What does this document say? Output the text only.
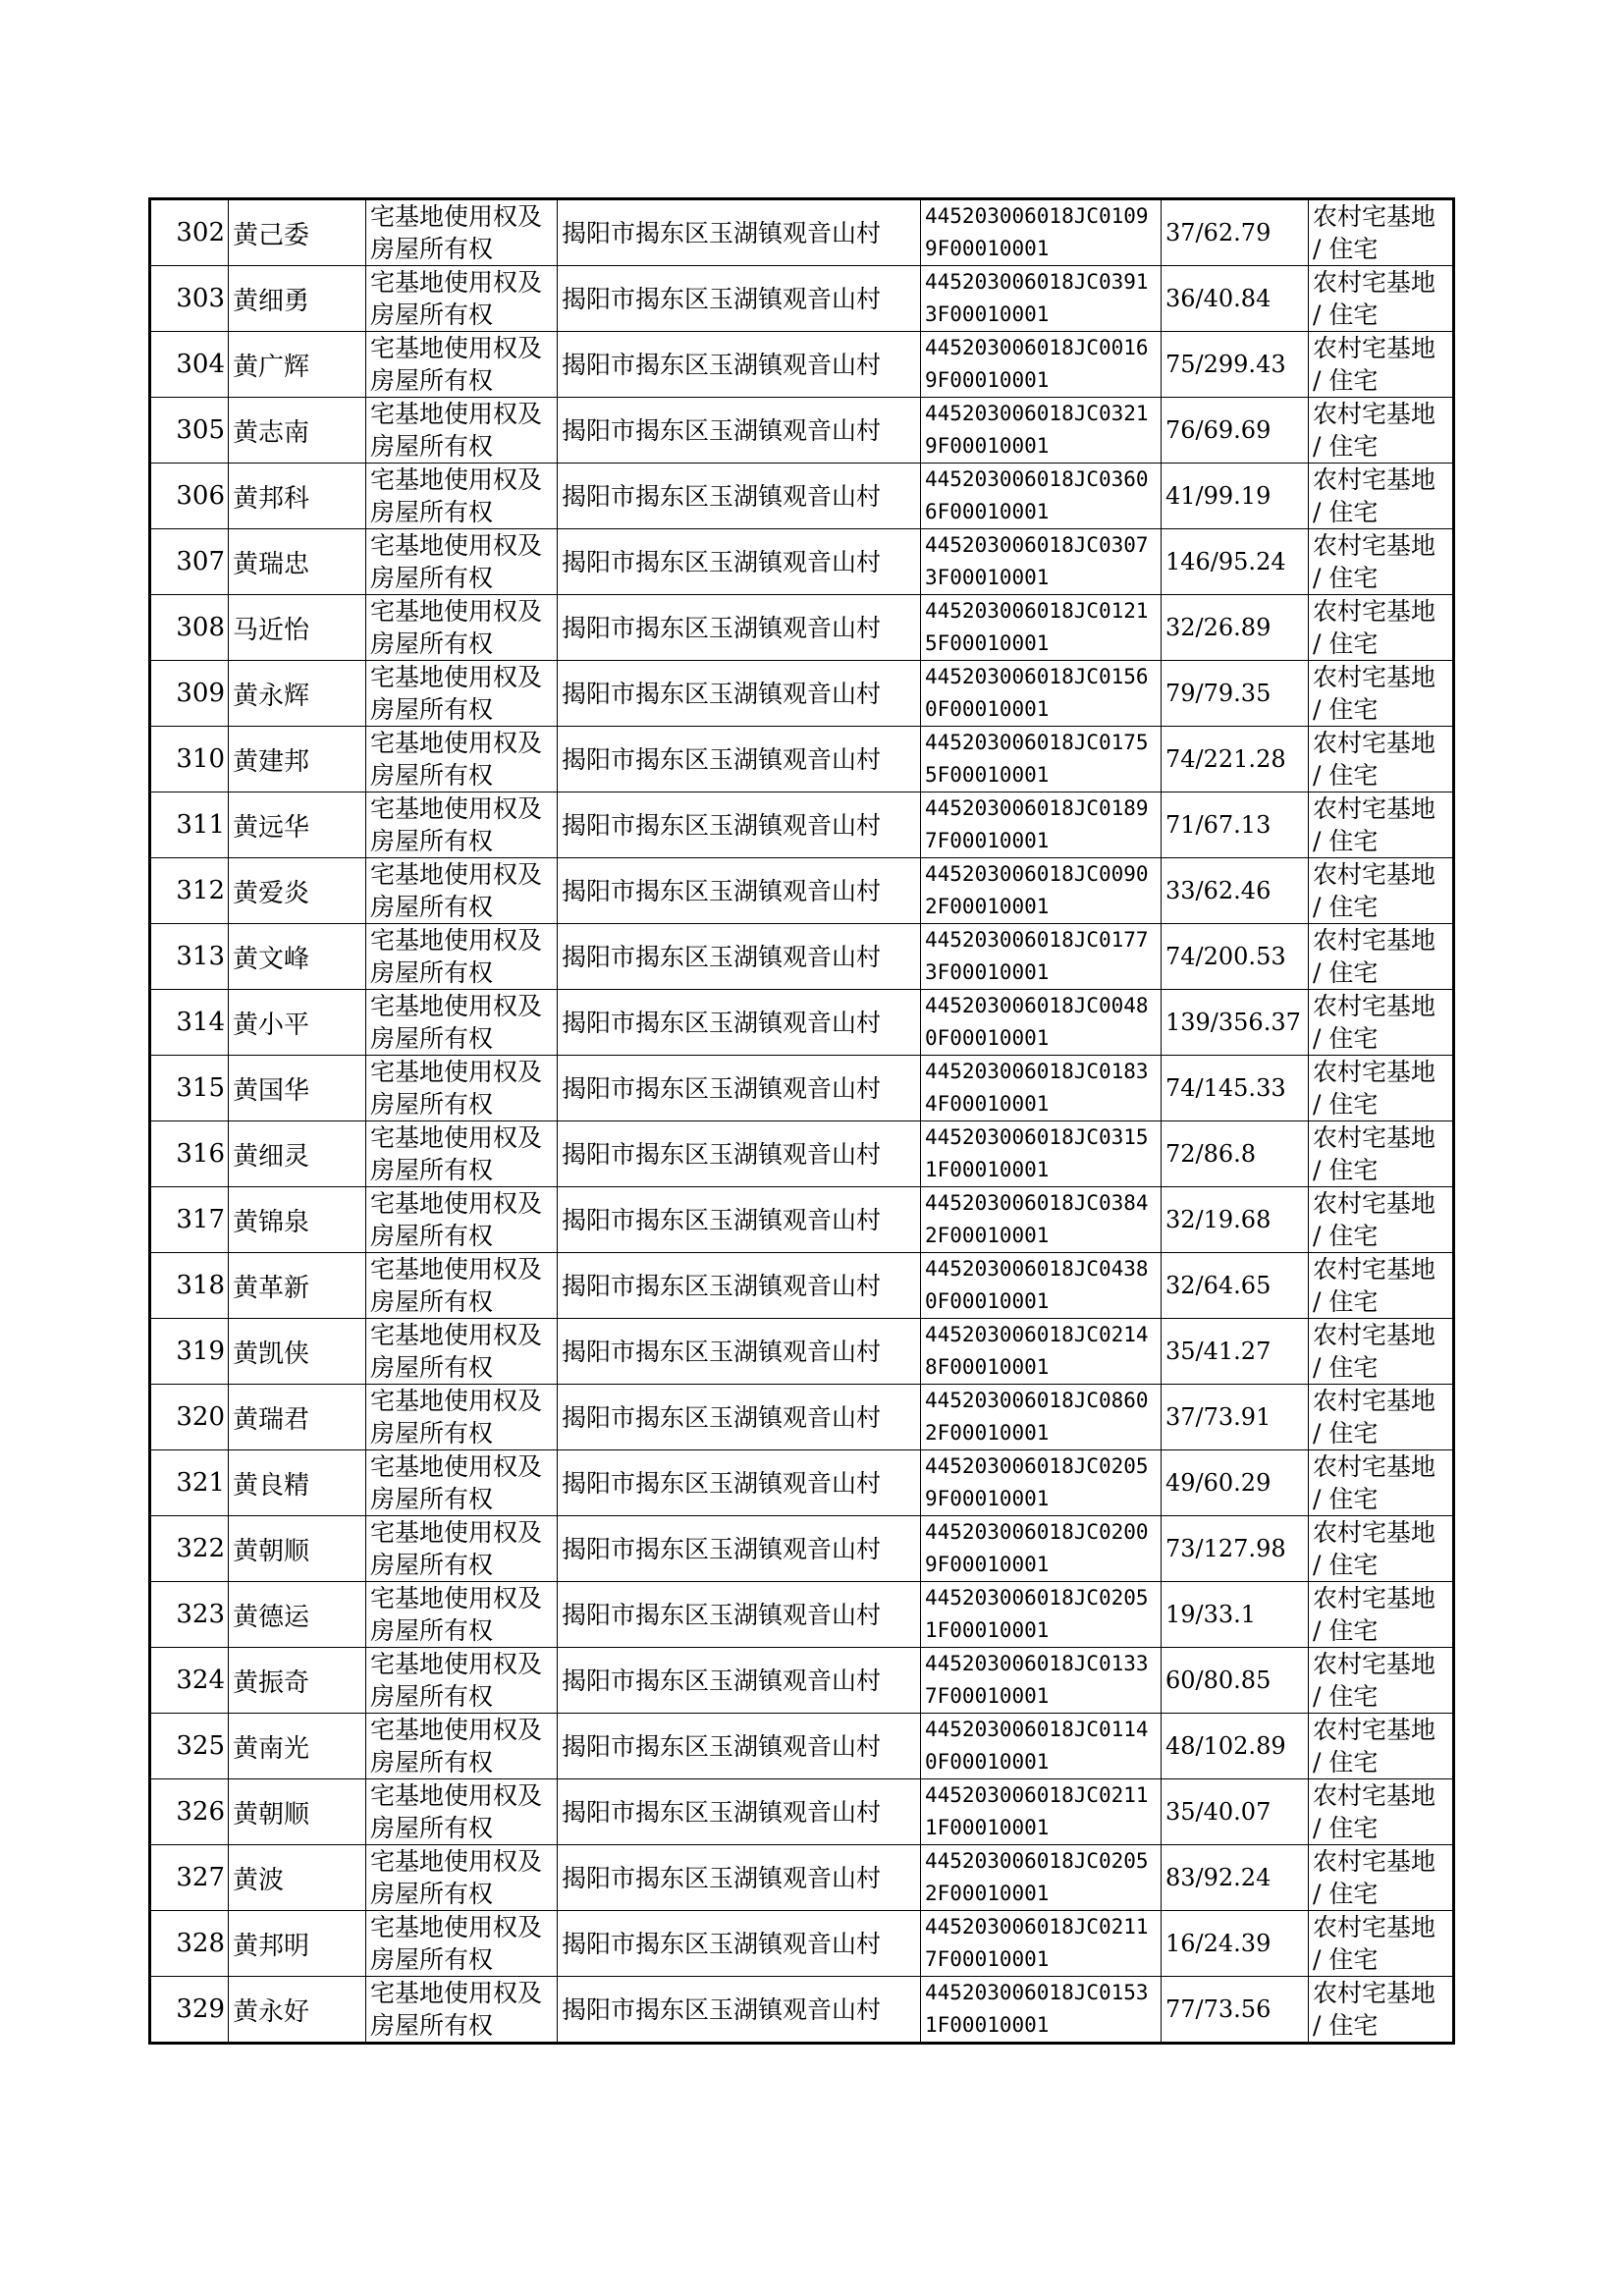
302	黄己委	宅基地使用权及房屋所有权	揭阳市揭东区玉湖镇观音山村	445203006018JC01099F00010001	37/62.79	农村宅基地 / 住宅
303	黄细勇	宅基地使用权及房屋所有权	揭阳市揭东区玉湖镇观音山村	445203006018JC03913F00010001	36/40.84	农村宅基地 / 住宅
304	黄广辉	宅基地使用权及房屋所有权	揭阳市揭东区玉湖镇观音山村	445203006018JC00169F00010001	75/299.43	农村宅基地 / 住宅
305	黄志南	宅基地使用权及房屋所有权	揭阳市揭东区玉湖镇观音山村	445203006018JC03219F00010001	76/69.69	农村宅基地 / 住宅
306	黄邦科	宅基地使用权及房屋所有权	揭阳市揭东区玉湖镇观音山村	445203006018JC03606F00010001	41/99.19	农村宅基地 / 住宅
307	黄瑞忠	宅基地使用权及房屋所有权	揭阳市揭东区玉湖镇观音山村	445203006018JC03073F00010001	146/95.24	农村宅基地 / 住宅
308	马近怡	宅基地使用权及房屋所有权	揭阳市揭东区玉湖镇观音山村	445203006018JC01215F00010001	32/26.89	农村宅基地 / 住宅
309	黄永辉	宅基地使用权及房屋所有权	揭阳市揭东区玉湖镇观音山村	445203006018JC01560F00010001	79/79.35	农村宅基地 / 住宅
310	黄建邦	宅基地使用权及房屋所有权	揭阳市揭东区玉湖镇观音山村	445203006018JC01755F00010001	74/221.28	农村宅基地 / 住宅
311	黄远华	宅基地使用权及房屋所有权	揭阳市揭东区玉湖镇观音山村	445203006018JC01897F00010001	71/67.13	农村宅基地 / 住宅
312	黄爱炎	宅基地使用权及房屋所有权	揭阳市揭东区玉湖镇观音山村	445203006018JC00902F00010001	33/62.46	农村宅基地 / 住宅
313	黄文峰	宅基地使用权及房屋所有权	揭阳市揭东区玉湖镇观音山村	445203006018JC01773F00010001	74/200.53	农村宅基地 / 住宅
314	黄小平	宅基地使用权及房屋所有权	揭阳市揭东区玉湖镇观音山村	445203006018JC00480F00010001	139/356.37	农村宅基地 / 住宅
315	黄国华	宅基地使用权及房屋所有权	揭阳市揭东区玉湖镇观音山村	445203006018JC01834F00010001	74/145.33	农村宅基地 / 住宅
316	黄细灵	宅基地使用权及房屋所有权	揭阳市揭东区玉湖镇观音山村	445203006018JC03151F00010001	72/86.8	农村宅基地 / 住宅
317	黄锦泉	宅基地使用权及房屋所有权	揭阳市揭东区玉湖镇观音山村	445203006018JC03842F00010001	32/19.68	农村宅基地 / 住宅
318	黄革新	宅基地使用权及房屋所有权	揭阳市揭东区玉湖镇观音山村	445203006018JC04380F00010001	32/64.65	农村宅基地 / 住宅
319	黄凯侠	宅基地使用权及房屋所有权	揭阳市揭东区玉湖镇观音山村	445203006018JC02148F00010001	35/41.27	农村宅基地 / 住宅
320	黄瑞君	宅基地使用权及房屋所有权	揭阳市揭东区玉湖镇观音山村	445203006018JC08602F00010001	37/73.91	农村宅基地 / 住宅
321	黄良精	宅基地使用权及房屋所有权	揭阳市揭东区玉湖镇观音山村	445203006018JC02059F00010001	49/60.29	农村宅基地 / 住宅
322	黄朝顺	宅基地使用权及房屋所有权	揭阳市揭东区玉湖镇观音山村	445203006018JC02009F00010001	73/127.98	农村宅基地 / 住宅
323	黄德运	宅基地使用权及房屋所有权	揭阳市揭东区玉湖镇观音山村	445203006018JC02051F00010001	19/33.1	农村宅基地 / 住宅
324	黄振奇	宅基地使用权及房屋所有权	揭阳市揭东区玉湖镇观音山村	445203006018JC01337F00010001	60/80.85	农村宅基地 / 住宅
325	黄南光	宅基地使用权及房屋所有权	揭阳市揭东区玉湖镇观音山村	445203006018JC01140F00010001	48/102.89	农村宅基地 / 住宅
326	黄朝顺	宅基地使用权及房屋所有权	揭阳市揭东区玉湖镇观音山村	445203006018JC02111F00010001	35/40.07	农村宅基地 / 住宅
327	黄波	宅基地使用权及房屋所有权	揭阳市揭东区玉湖镇观音山村	445203006018JC02052F00010001	83/92.24	农村宅基地 / 住宅
328	黄邦明	宅基地使用权及房屋所有权	揭阳市揭东区玉湖镇观音山村	445203006018JC02117F00010001	16/24.39	农村宅基地 / 住宅
329	黄永好	宅基地使用权及房屋所有权	揭阳市揭东区玉湖镇观音山村	445203006018JC01531F00010001	77/73.56	农村宅基地 / 住宅
